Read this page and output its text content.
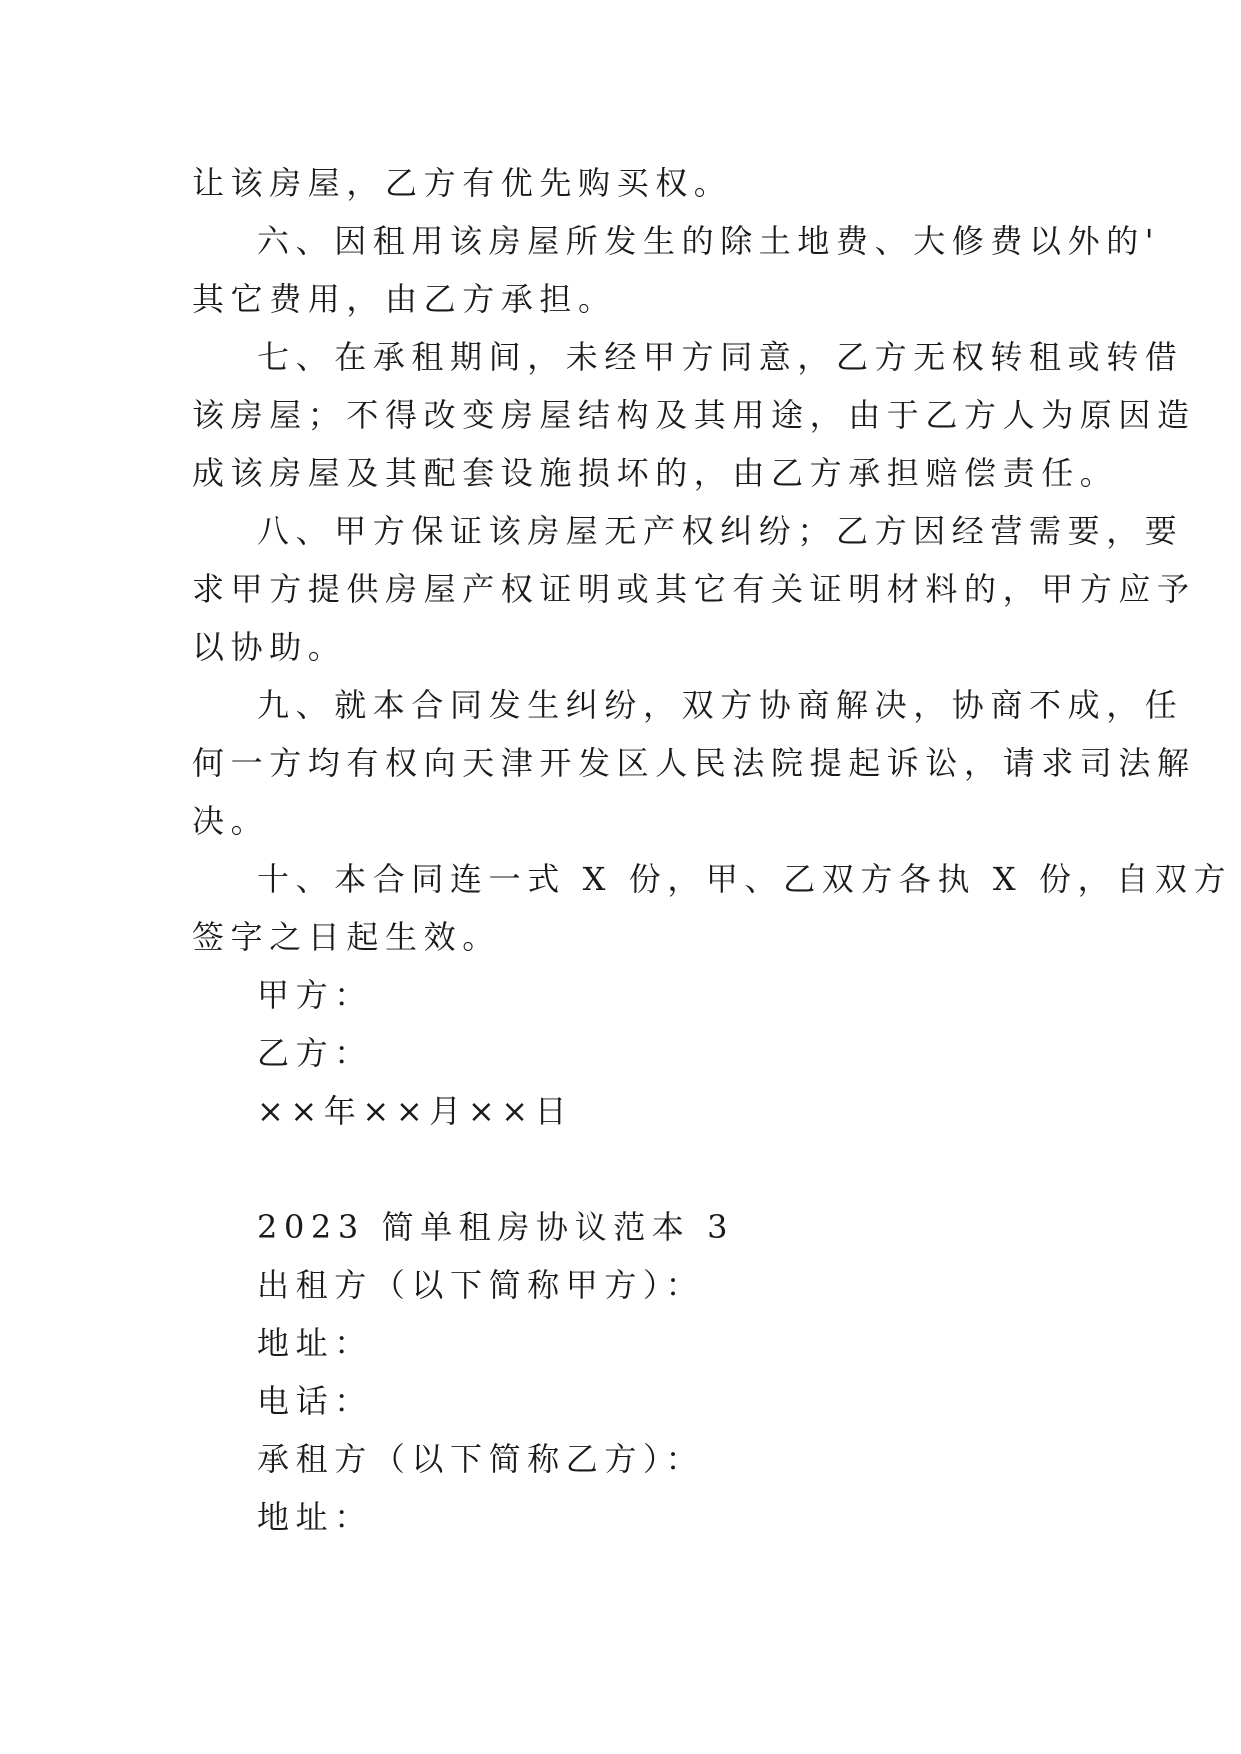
让该房屋，乙方有优先购买权。
六、因租用该房屋所发生的除土地费、大修费以外的'
其它费用，由乙方承担。
七、在承租期间，未经甲方同意，乙方无权转租或转借
该房屋；不得改变房屋结构及其用途，由于乙方人为原因造
成该房屋及其配套设施损坏的，由乙方承担赔偿责任。
八、甲方保证该房屋无产权纠纷；乙方因经营需要，要
求甲方提供房屋产权证明或其它有关证明材料的，甲方应予
以协助。
九、就本合同发生纠纷，双方协商解决，协商不成，任
何一方均有权向天津开发区人民法院提起诉讼，请求司法解
决。
十、本合同连一式 X 份，甲、乙双方各执 X 份，自双方
签字之日起生效。
甲方：
乙方：
××年××月××日
2023 简单租房协议范本 3
出租方（以下简称甲方）：
地址：
电话：
承租方（以下简称乙方）：
地址：
